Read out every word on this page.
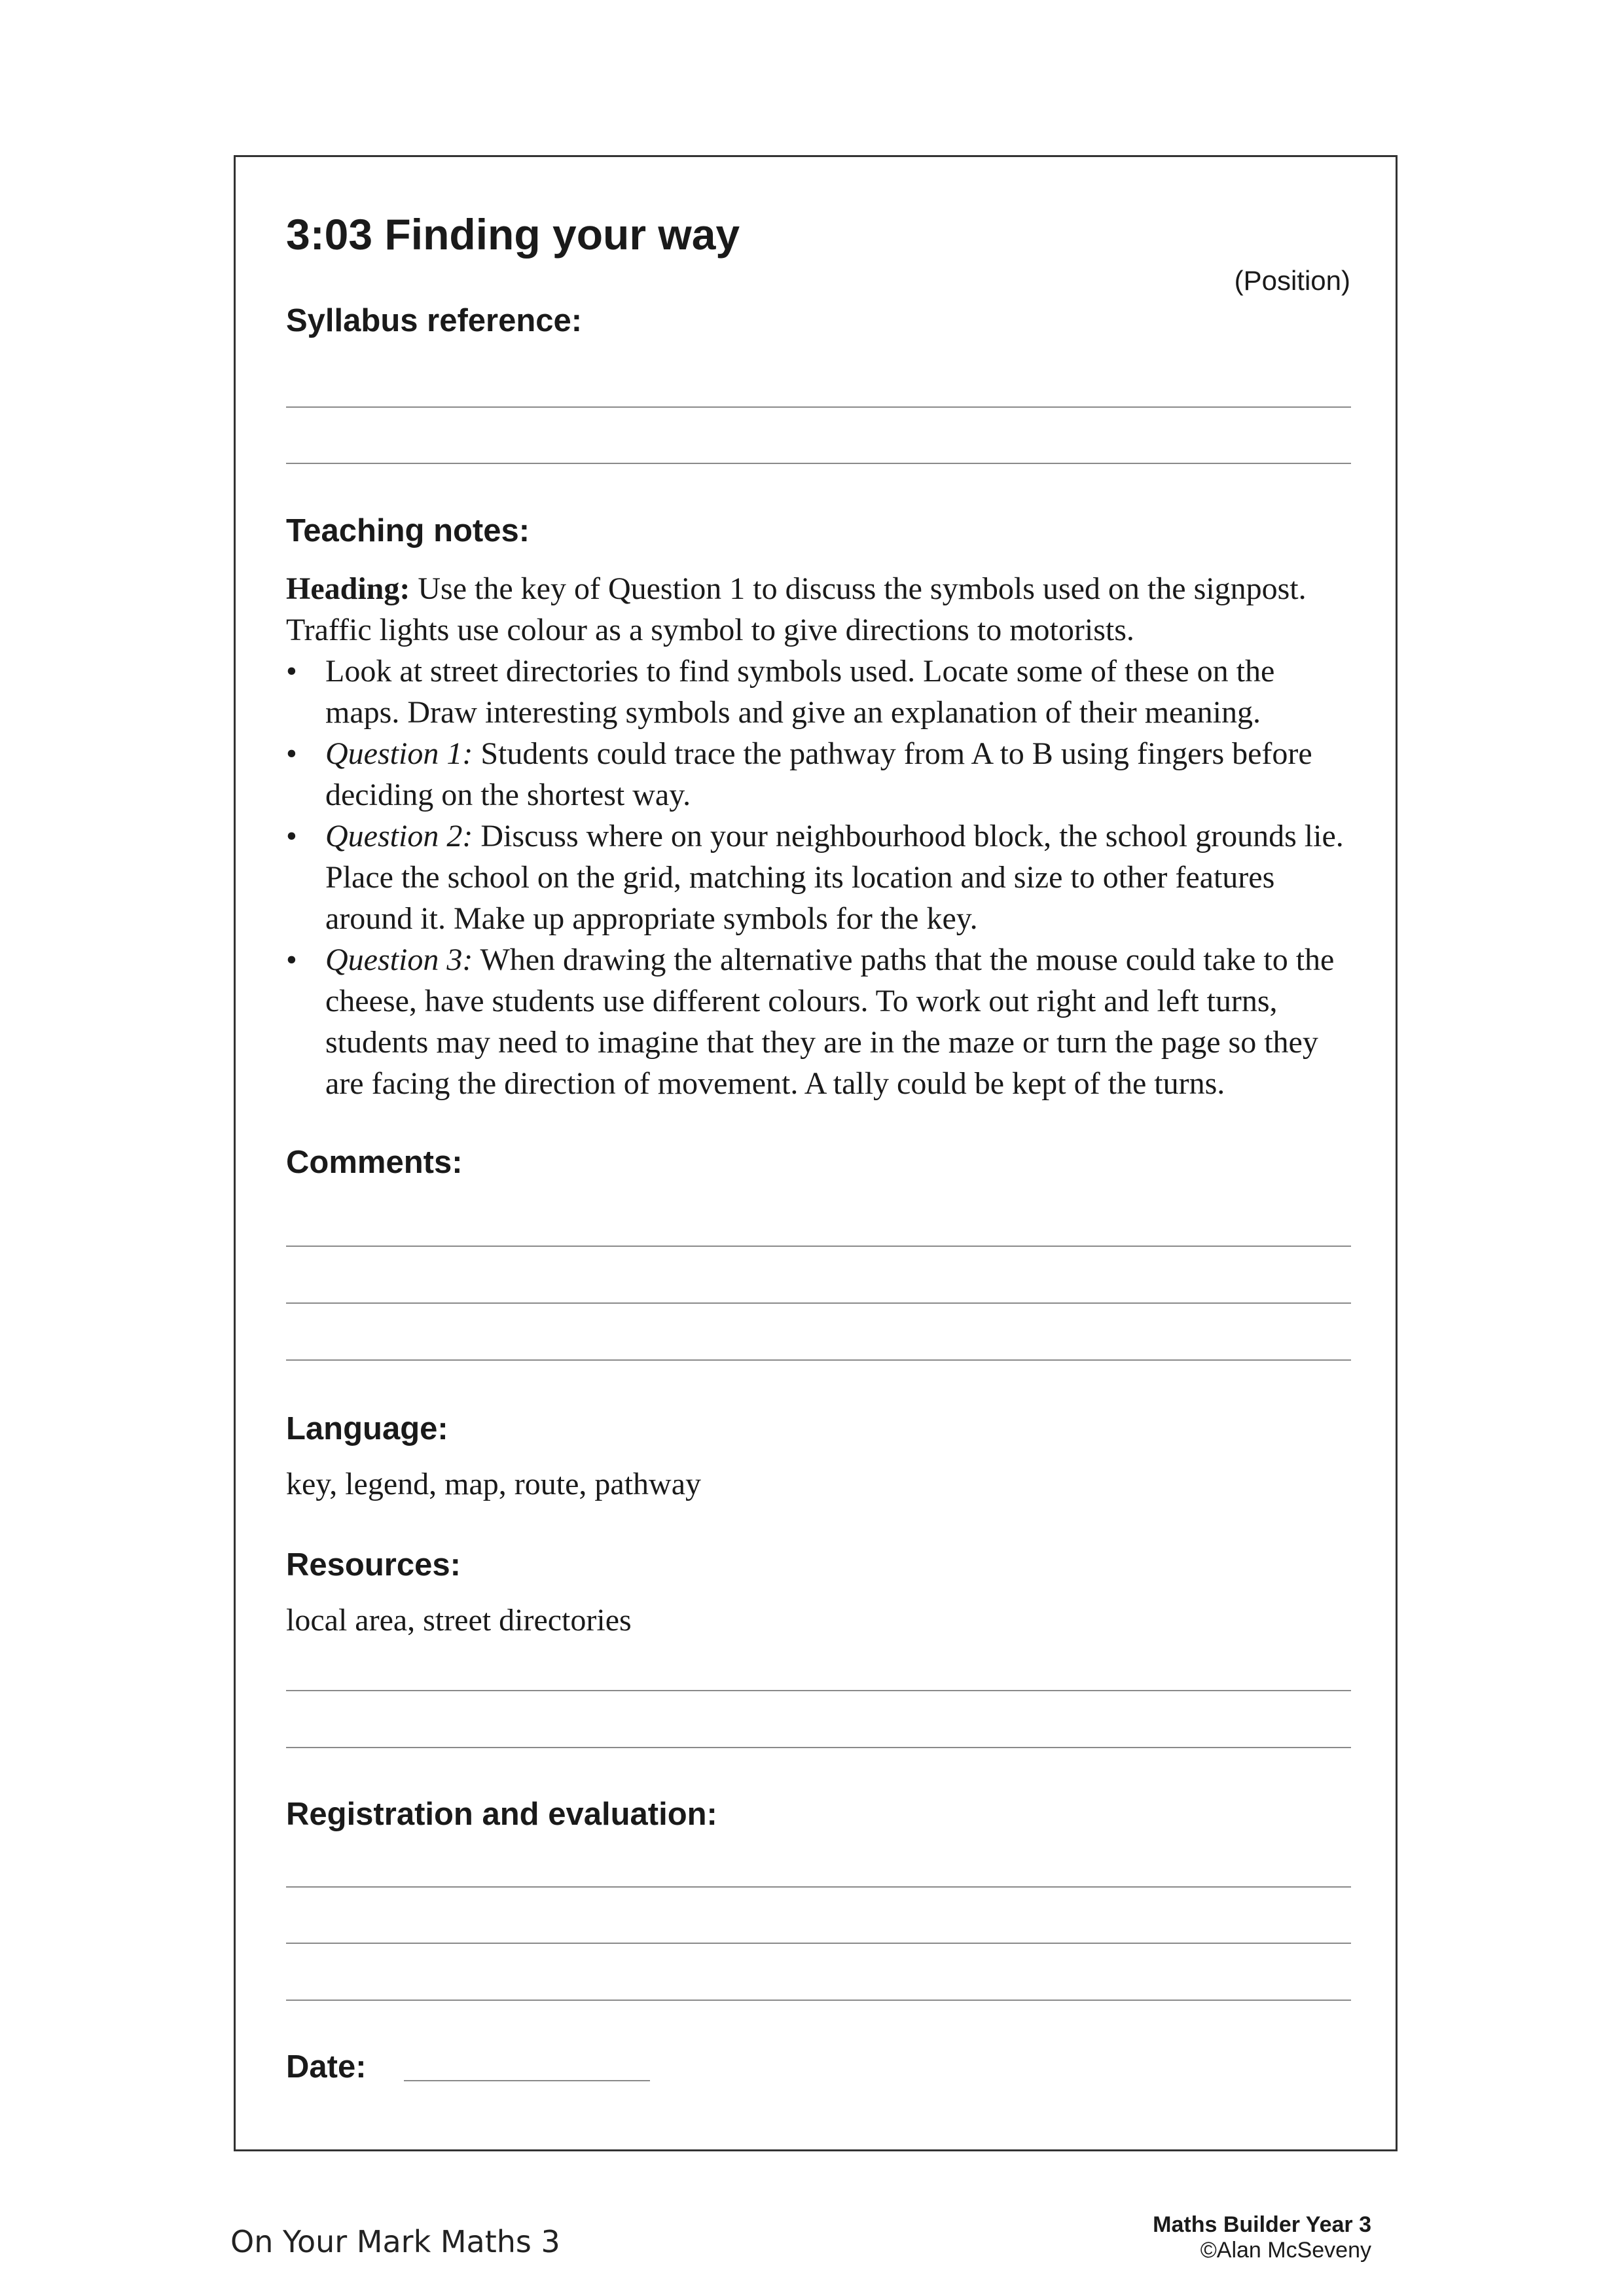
3:03 Finding your way
(Position)
Syllabus reference:
Teaching notes:

Heading: Use the key of Question 1 to discuss the symbols used on the signpost. Traffic lights use colour as a symbol to give directions to motorists.

• Look at street directories to find symbols used. Locate some of these on the maps. Draw interesting symbols and give an explanation of their meaning.
• Question 1: Students could trace the pathway from A to B using fingers before deciding on the shortest way.
• Question 2: Discuss where on your neighbourhood block, the school grounds lie. Place the school on the grid, matching its location and size to other features around it. Make up appropriate symbols for the key.
• Question 3: When drawing the alternative paths that the mouse could take to the cheese, have students use different colours. To work out right and left turns, students may need to imagine that they are in the maze or turn the page so they are facing the direction of movement. A tally could be kept of the turns.
Comments:
Language:
key, legend, map, route, pathway
Resources:
local area, street directories
Registration and evaluation:
Date:
On Your Mark Maths 3	Maths Builder Year 3
©Alan McSeveny
